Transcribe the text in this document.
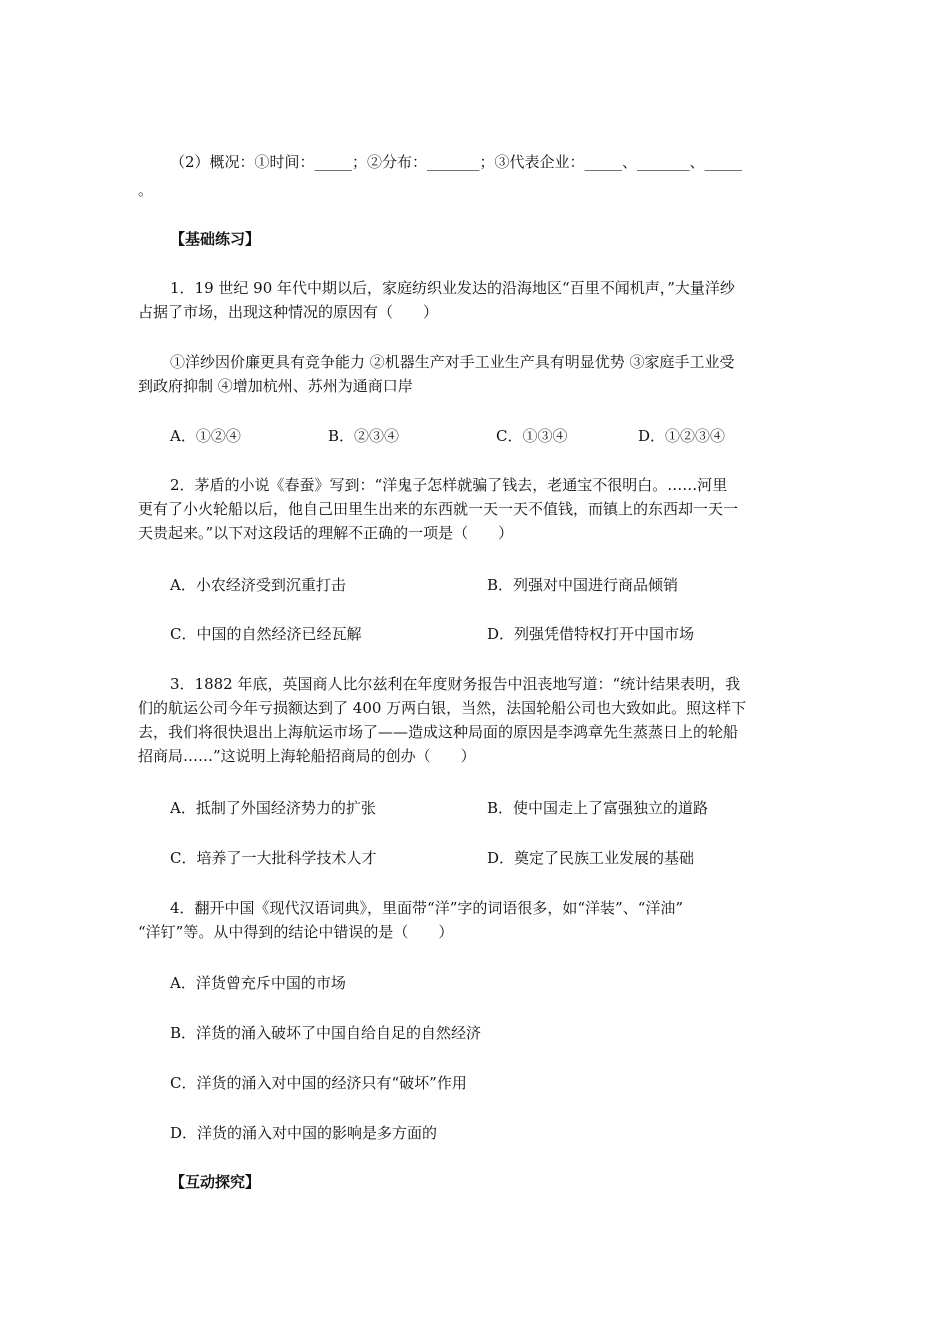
（2）概况：①时间：_____；②分布：_______；③代表企业：_____、_______、_____
。
【基础练习】
1．19 世纪 90 年代中期以后，家庭纺织业发达的沿海地区“百里不闻机声，”大量洋纱
占据了市场，出现这种情况的原因有（　　）
①洋纱因价廉更具有竞争能力 ②机器生产对手工业生产具有明显优势 ③家庭手工业受
到政府抑制 ④增加杭州、苏州为通商口岸
A．①②④	B．②③④	C．①③④	D．①②③④
2．茅盾的小说《春蚕》写到：“洋鬼子怎样就骗了钱去，老通宝不很明白。……河里
更有了小火轮船以后，他自己田里生出来的东西就一天一天不值钱，而镇上的东西却一天一
天贵起来。”以下对这段话的理解不正确的一项是（　　）
A．小农经济受到沉重打击	B．列强对中国进行商品倾销
C．中国的自然经济已经瓦解	D．列强凭借特权打开中国市场
3．1882 年底，英国商人比尔兹利在年度财务报告中沮丧地写道：“统计结果表明，我
们的航运公司今年亏损额达到了 400 万两白银，当然，法国轮船公司也大致如此。照这样下
去，我们将很快退出上海航运市场了——造成这种局面的原因是李鸿章先生蒸蒸日上的轮船
招商局……”这说明上海轮船招商局的创办（　　）
A．抵制了外国经济势力的扩张	B．使中国走上了富强独立的道路
C．培养了一大批科学技术人才	D．奠定了民族工业发展的基础
4．翻开中国《现代汉语词典》，里面带“洋”字的词语很多，如“洋装”、“洋油”
“洋钉”等。从中得到的结论中错误的是（　　）
A．洋货曾充斥中国的市场
B．洋货的涌入破坏了中国自给自足的自然经济
C．洋货的涌入对中国的经济只有“破坏”作用
D．洋货的涌入对中国的影响是多方面的
【互动探究】
